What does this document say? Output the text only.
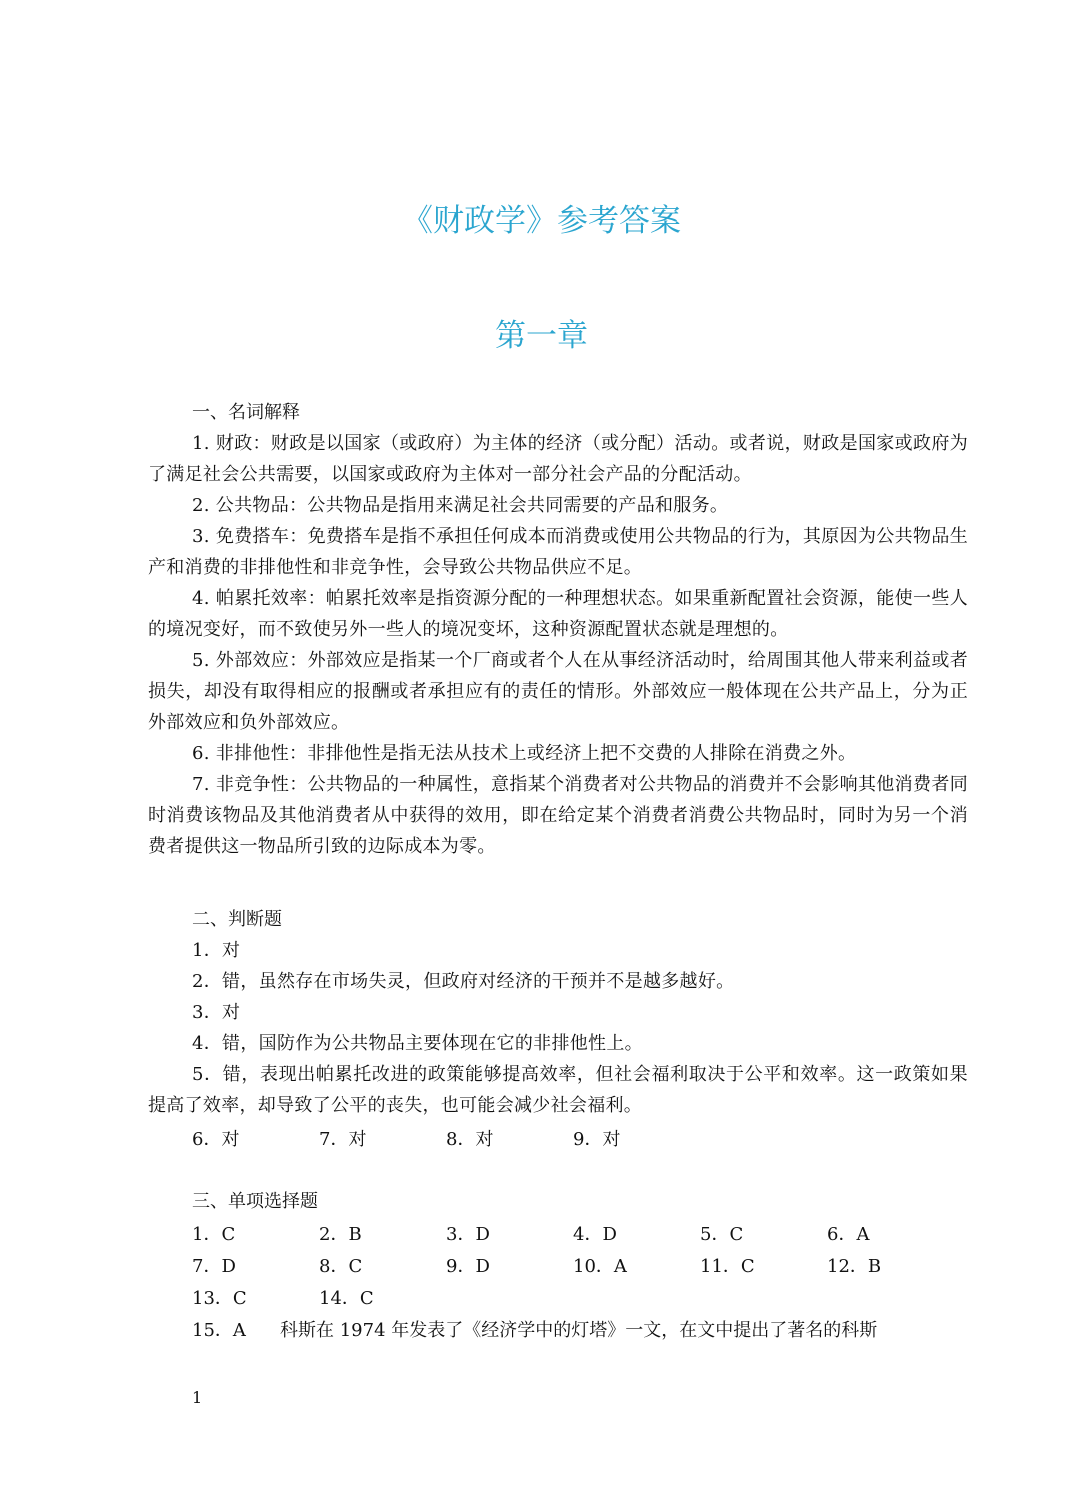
《财政学》参考答案
第一章
一、名词解释

1. 财政：财政是以国家（或政府）为主体的经济（或分配）活动。或者说，财政是国家或政府为了满足社会公共需要，以国家或政府为主体对一部分社会产品的分配活动。

2. 公共物品：公共物品是指用来满足社会共同需要的产品和服务。

3. 免费搭车：免费搭车是指不承担任何成本而消费或使用公共物品的行为，其原因为公共物品生产和消费的非排他性和非竞争性，会导致公共物品供应不足。

4. 帕累托效率：帕累托效率是指资源分配的一种理想状态。如果重新配置社会资源，能使一些人的境况变好，而不致使另外一些人的境况变坏，这种资源配置状态就是理想的。

5. 外部效应：外部效应是指某一个厂商或者个人在从事经济活动时，给周围其他人带来利益或者损失，却没有取得相应的报酬或者承担应有的责任的情形。外部效应一般体现在公共产品上，分为正外部效应和负外部效应。

6. 非排他性：非排他性是指无法从技术上或经济上把不交费的人排除在消费之外。

7. 非竞争性：公共物品的一种属性，意指某个消费者对公共物品的消费并不会影响其他消费者同时消费该物品及其他消费者从中获得的效用，即在给定某个消费者消费公共物品时，同时为另一个消费者提供这一物品所引致的边际成本为零。

二、判断题

1．对

2．错，虽然存在市场失灵，但政府对经济的干预并不是越多越好。

3．对

4．错，国防作为公共物品主要体现在它的非排他性上。

5．错，表现出帕累托改进的政策能够提高效率，但社会福利取决于公平和效率。这一政策如果提高了效率，却导致了公平的丧失，也可能会减少社会福利。

6．对	7．对	8．对	9．对
三、单项选择题
1．C	2．B	3．D	4．D	5．C	6．A
7．D	8．C	9．D	10．A	11．C	12．B
13．C	14．C
15．A 科斯在 1974 年发表了《经济学中的灯塔》一文，在文中提出了著名的科斯
1
